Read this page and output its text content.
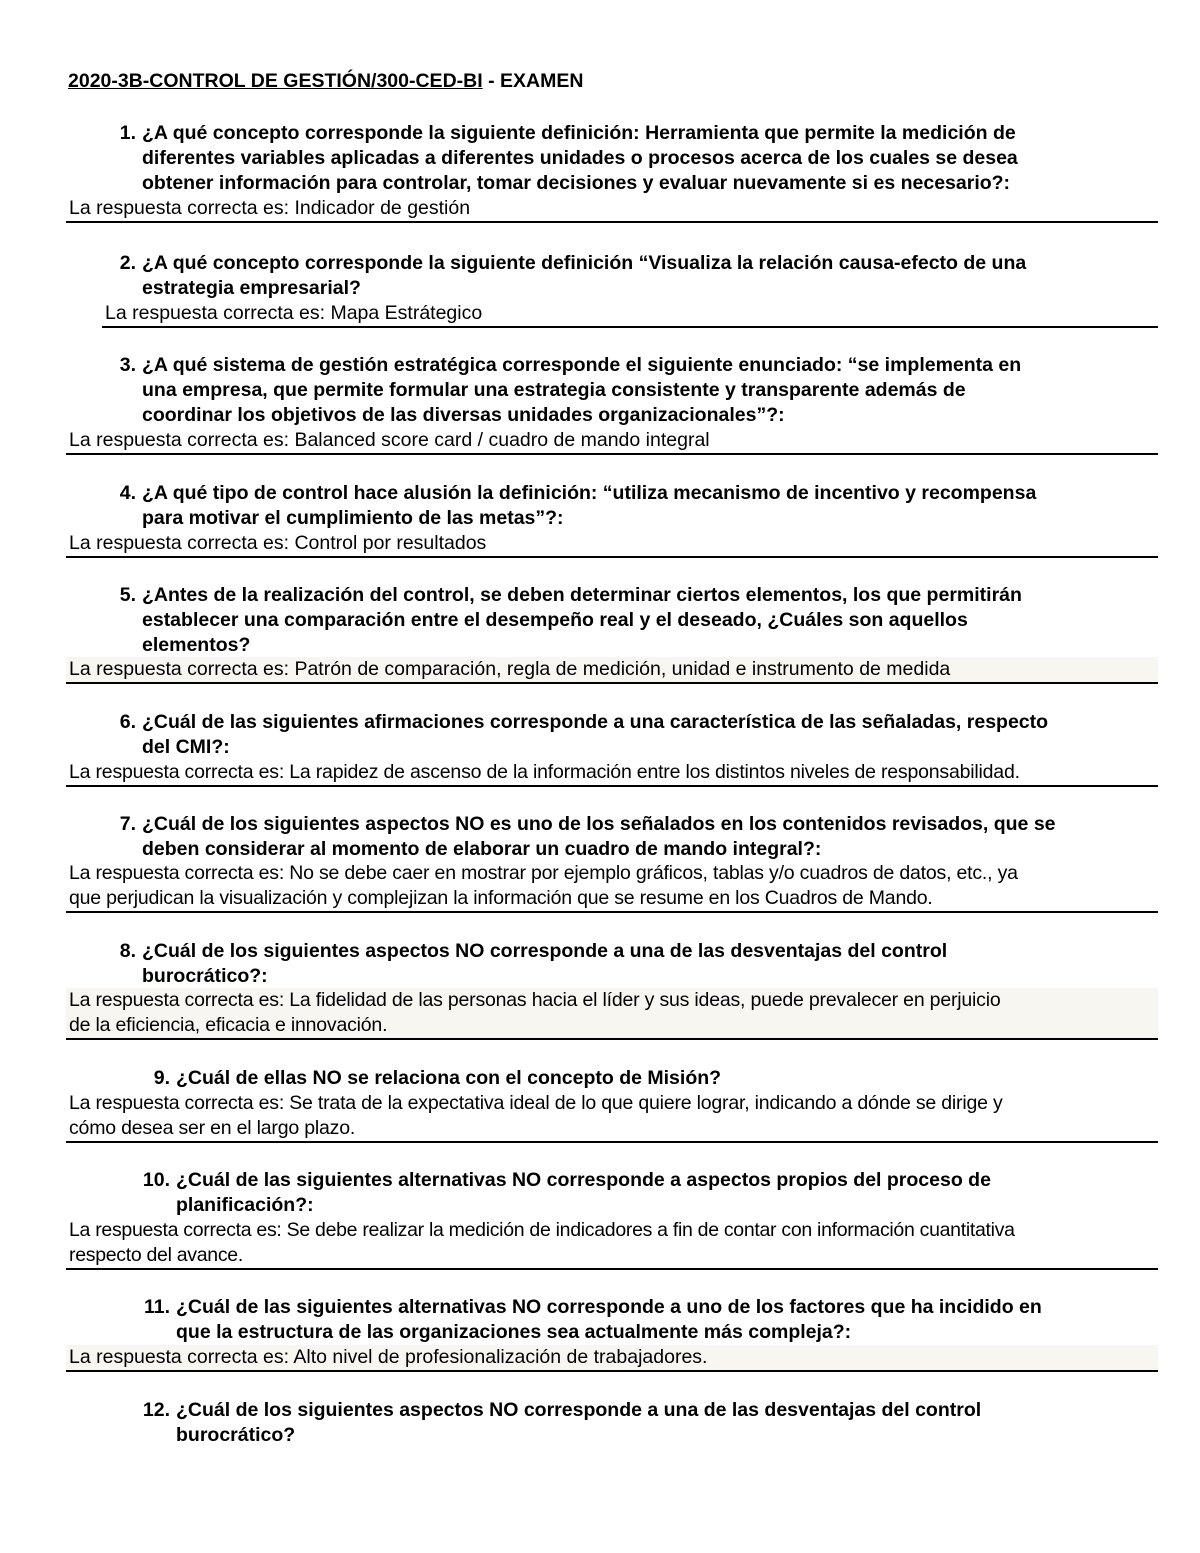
2020-3B-CONTROL DE GESTIÓN/300-CED-BI - EXAMEN
1. ¿A qué concepto corresponde la siguiente definición: Herramienta que permite la medición de
diferentes variables aplicadas a diferentes unidades o procesos acerca de los cuales se desea
obtener información para controlar, tomar decisiones y evaluar nuevamente si es necesario?:
La respuesta correcta es: Indicador de gestión
2. ¿A qué concepto corresponde la siguiente definición “Visualiza la relación causa-efecto de una
estrategia empresarial?
La respuesta correcta es: Mapa Estrátegico
3. ¿A qué sistema de gestión estratégica corresponde el siguiente enunciado: “se implementa en
una empresa, que permite formular una estrategia consistente y transparente además de
coordinar los objetivos de las diversas unidades organizacionales”?:
La respuesta correcta es: Balanced score card / cuadro de mando integral
4. ¿A qué tipo de control hace alusión la definición: “utiliza mecanismo de incentivo y recompensa
para motivar el cumplimiento de las metas”?:
La respuesta correcta es: Control por resultados
5. ¿Antes de la realización del control, se deben determinar ciertos elementos, los que permitirán
establecer una comparación entre el desempeño real y el deseado, ¿Cuáles son aquellos
elementos?
La respuesta correcta es: Patrón de comparación, regla de medición, unidad e instrumento de medida
6. ¿Cuál de las siguientes afirmaciones corresponde a una característica de las señaladas, respecto
del CMI?:
La respuesta correcta es: La rapidez de ascenso de la información entre los distintos niveles de responsabilidad.
7. ¿Cuál de los siguientes aspectos NO es uno de los señalados en los contenidos revisados, que se
deben considerar al momento de elaborar un cuadro de mando integral?:
La respuesta correcta es: No se debe caer en mostrar por ejemplo gráficos, tablas y/o cuadros de datos, etc., ya
que perjudican la visualización y complejizan la información que se resume en los Cuadros de Mando.
8. ¿Cuál de los siguientes aspectos NO corresponde a una de las desventajas del control
burocrático?:
La respuesta correcta es: La fidelidad de las personas hacia el líder y sus ideas, puede prevalecer en perjuicio
de la eficiencia, eficacia e innovación.
9. ¿Cuál de ellas NO se relaciona con el concepto de Misión?
La respuesta correcta es: Se trata de la expectativa ideal de lo que quiere lograr, indicando a dónde se dirige y
cómo desea ser en el largo plazo.
10. ¿Cuál de las siguientes alternativas NO corresponde a aspectos propios del proceso de
planificación?:
La respuesta correcta es: Se debe realizar la medición de indicadores a fin de contar con información cuantitativa
respecto del avance.
11. ¿Cuál de las siguientes alternativas NO corresponde a uno de los factores que ha incidido en
que la estructura de las organizaciones sea actualmente más compleja?:
La respuesta correcta es: Alto nivel de profesionalización de trabajadores.
12. ¿Cuál de los siguientes aspectos NO corresponde a una de las desventajas del control
burocrático?
